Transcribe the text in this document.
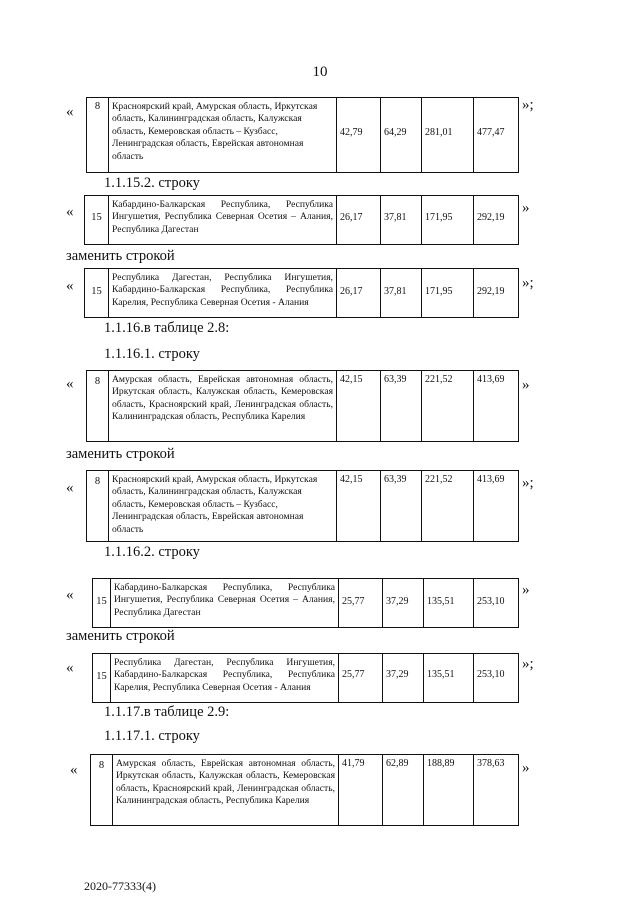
10
« 8	Красноярский край, Амурская область, Иркутская область, Калининградская область, Калужская область, Кемеровская область – Кузбасс, Ленинградская область, Еврейская автономная область	42,79	64,29	281,01	477,47
»;
1.1.15.2. строку
« 15	Кабардино-Балкарская Республика, Республика Ингушетия, Республика Северная Осетия – Алания, Республика Дагестан	26,17	37,81	171,95	292,19
»
заменить строкой
« 15	Республика Дагестан, Республика Ингушетия, Кабардино-Балкарская Республика, Республика Карелия, Республика Северная Осетия - Алания	26,17	37,81	171,95	292,19
»;
1.1.16.в таблице 2.8:
1.1.16.1. строку
« 8	Амурская область, Еврейская автономная область, Иркутская область, Калужская область, Кемеровская область, Красноярский край, Ленинградская область, Калининградская область, Республика Карелия	42,15	63,39	221,52	413,69 »
заменить строкой
« 8	Красноярский край, Амурская область, Иркутская область, Калининградская область, Калужская область, Кемеровская область – Кузбасс, Ленинградская область, Еврейская автономная область	42,15	63,39	221,52	413,69 »;
1.1.16.2. строку
« 15	Кабардино-Балкарская Республика, Республика Ингушетия, Республика Северная Осетия – Алания, Республика Дагестан	25,77	37,29	135,51	253,10
»
заменить строкой
«
15	Республика Дагестан, Республика Ингушетия, Кабардино-Балкарская Республика, Республика Карелия, Республика Северная Осетия - Алания	25,77	37,29	135,51	253,10
»;
1.1.17.в таблице 2.9:
1.1.17.1. строку
« 8	Амурская область, Еврейская автономная область, Иркутская область, Калужская область, Кемеровская область, Красноярский край, Ленинградская область, Калининградская область, Республика Карелия	41,79	62,89	188,89	378,63 »
2020-77333(4)
